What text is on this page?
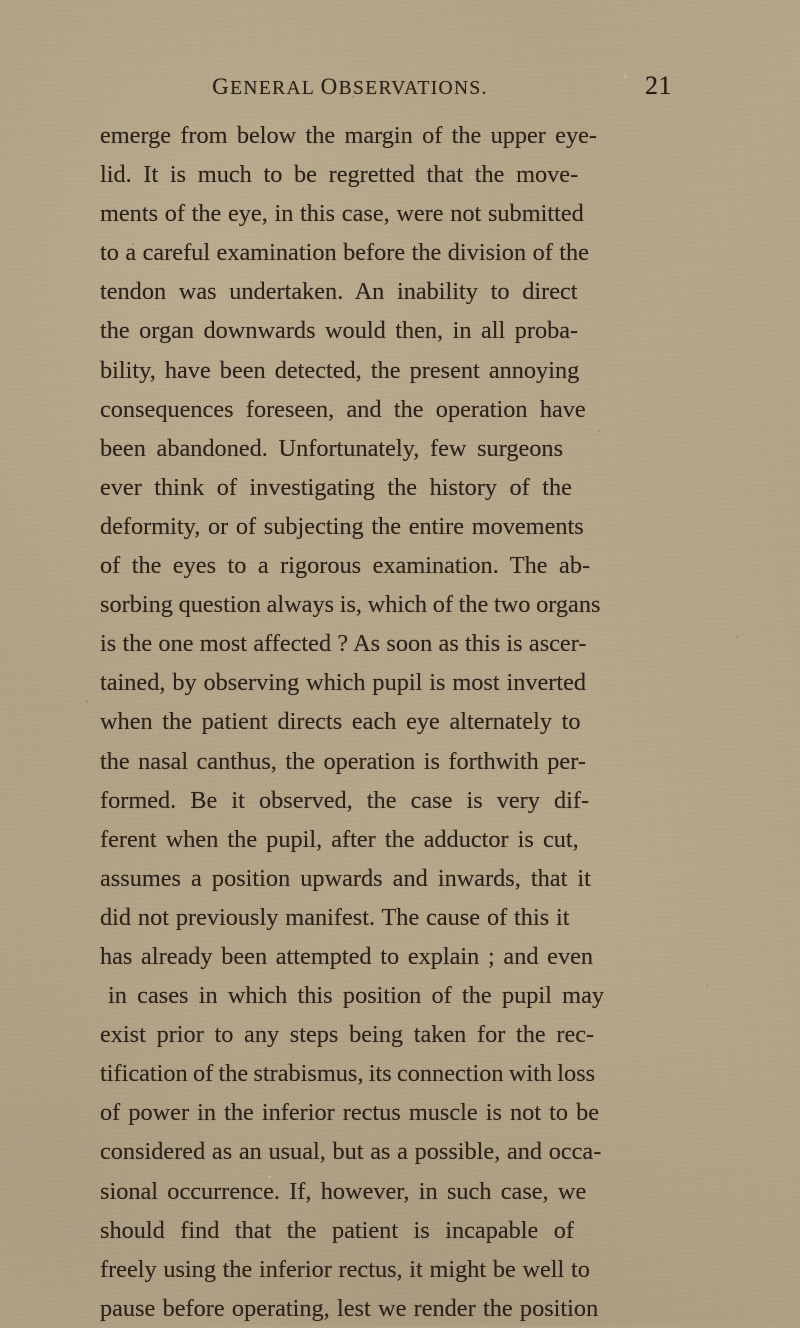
GENERAL OBSERVATIONS.	21
emerge from below the margin of the upper eye-
lid. It is much to be regretted that the move-
ments of the eye, in this case, were not submitted
to a careful examination before the division of the
tendon was undertaken. An inability to direct
the organ downwards would then, in all proba-
bility, have been detected, the present annoying
consequences foreseen, and the operation have
been abandoned. Unfortunately, few surgeons
ever think of investigating the history of the
deformity, or of subjecting the entire movements
of the eyes to a rigorous examination. The ab-
sorbing question always is, which of the two organs
is the one most affected ? As soon as this is ascer-
tained, by observing which pupil is most inverted
when the patient directs each eye alternately to
the nasal canthus, the operation is forthwith per-
formed. Be it observed, the case is very dif-
ferent when the pupil, after the adductor is cut,
assumes a position upwards and inwards, that it
did not previously manifest. The cause of this it
has already been attempted to explain ; and even
in cases in which this position of the pupil may
exist prior to any steps being taken for the rec-
tification of the strabismus, its connection with loss
of power in the inferior rectus muscle is not to be
considered as an usual, but as a possible, and occa-
sional occurrence. If, however, in such case, we
should find that the patient is incapable of
freely using the inferior rectus, it might be well to
pause before operating, lest we render the position
